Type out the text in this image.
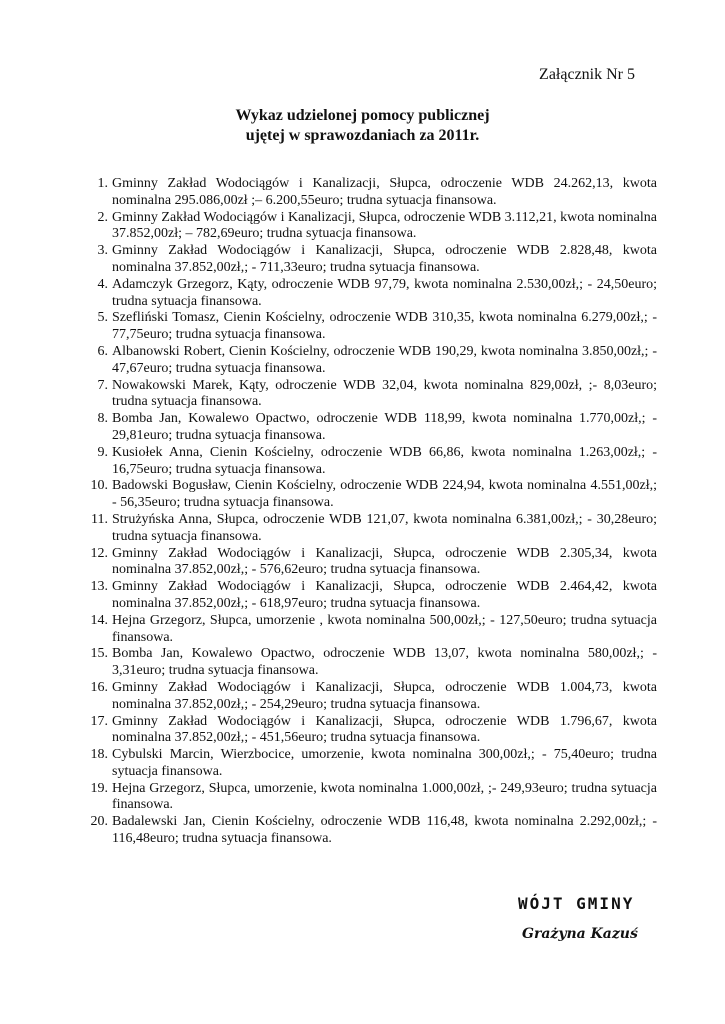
Załącznik Nr 5
Wykaz udzielonej pomocy publicznej
ujętej w sprawozdaniach za 2011r.
1. Gminny Zakład Wodociągów i Kanalizacji, Słupca, odroczenie WDB 24.262,13, kwota nominalna 295.086,00zł ;– 6.200,55euro; trudna sytuacja finansowa.
2. Gminny Zakład Wodociągów i Kanalizacji, Słupca, odroczenie WDB 3.112,21, kwota nominalna 37.852,00zł; – 782,69euro; trudna sytuacja finansowa.
3. Gminny Zakład Wodociągów i Kanalizacji, Słupca, odroczenie WDB 2.828,48, kwota nominalna 37.852,00zł,; - 711,33euro; trudna sytuacja finansowa.
4. Adamczyk Grzegorz, Kąty, odroczenie WDB 97,79, kwota nominalna 2.530,00zł,; - 24,50euro; trudna sytuacja finansowa.
5. Szefliński Tomasz, Cienin Kościelny, odroczenie WDB 310,35, kwota nominalna 6.279,00zł,; - 77,75euro; trudna sytuacja finansowa.
6. Albanowski Robert, Cienin Kościelny, odroczenie WDB 190,29, kwota nominalna 3.850,00zł,; - 47,67euro; trudna sytuacja finansowa.
7. Nowakowski Marek, Kąty, odroczenie WDB 32,04, kwota nominalna 829,00zł, ;- 8,03euro; trudna sytuacja finansowa.
8. Bomba Jan, Kowalewo Opactwo, odroczenie WDB 118,99, kwota nominalna 1.770,00zł,; - 29,81euro; trudna sytuacja finansowa.
9. Kusiołek Anna, Cienin Kościelny, odroczenie WDB 66,86, kwota nominalna 1.263,00zł,; - 16,75euro; trudna sytuacja finansowa.
10. Badowski Bogusław, Cienin Kościelny, odroczenie WDB 224,94, kwota nominalna 4.551,00zł,; - 56,35euro; trudna sytuacja finansowa.
11. Strużyńska Anna, Słupca, odroczenie WDB 121,07, kwota nominalna 6.381,00zł,; - 30,28euro; trudna sytuacja finansowa.
12. Gminny Zakład Wodociągów i Kanalizacji, Słupca, odroczenie WDB 2.305,34, kwota nominalna 37.852,00zł,; - 576,62euro; trudna sytuacja finansowa.
13. Gminny Zakład Wodociągów i Kanalizacji, Słupca, odroczenie WDB 2.464,42, kwota nominalna 37.852,00zł,; - 618,97euro; trudna sytuacja finansowa.
14. Hejna Grzegorz, Słupca, umorzenie , kwota nominalna 500,00zł,; - 127,50euro; trudna sytuacja finansowa.
15. Bomba Jan, Kowalewo Opactwo, odroczenie WDB 13,07, kwota nominalna 580,00zł,; - 3,31euro; trudna sytuacja finansowa.
16. Gminny Zakład Wodociągów i Kanalizacji, Słupca, odroczenie WDB 1.004,73, kwota nominalna 37.852,00zł,; - 254,29euro; trudna sytuacja finansowa.
17. Gminny Zakład Wodociągów i Kanalizacji, Słupca, odroczenie WDB 1.796,67, kwota nominalna 37.852,00zł,; - 451,56euro; trudna sytuacja finansowa.
18. Cybulski Marcin, Wierzbocice, umorzenie, kwota nominalna 300,00zł,; - 75,40euro; trudna sytuacja finansowa.
19. Hejna Grzegorz, Słupca, umorzenie, kwota nominalna 1.000,00zł, ;- 249,93euro; trudna sytuacja finansowa.
20. Badalewski Jan, Cienin Kościelny, odroczenie WDB 116,48, kwota nominalna 2.292,00zł,; - 116,48euro; trudna sytuacja finansowa.
WÓJT GMINY
Grażyna Kazuś
